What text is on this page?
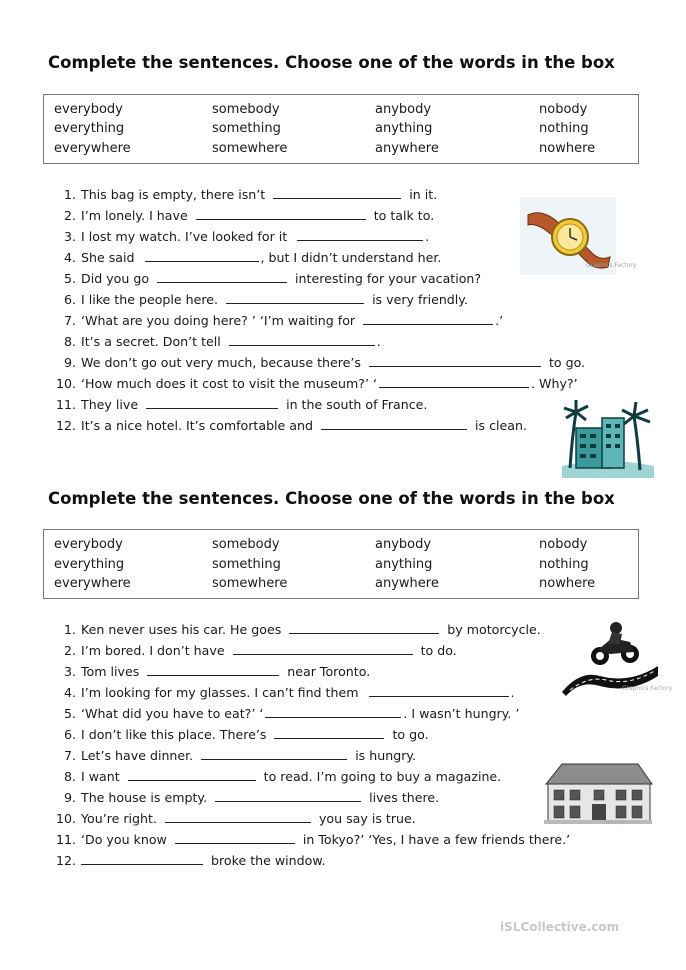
Complete the sentences. Choose one of the words in the box
everybody	somebody	anybody	nobody
everything	something	anything	nothing
everywhere	somewhere	anywhere	nowhere
1. This bag is empty, there isn’t	in it.
2. I’m lonely. I have	to talk to.
3. I lost my watch. I’ve looked for it	.
4. She said	, but I didn’t understand her.
5. Did you go	interesting for your vacation?
6. I like the people here.	is very friendly.
7. ‘What are you doing here? ’ ‘I’m waiting for	.’
8. It’s a secret. Don’t tell	.
9. We don’t go out very much, because there’s	to go.
10. ‘How much does it cost to visit the museum?’ ‘	. Why?’
11. They live	in the south of France.
12. It’s a nice hotel. It’s comfortable and	is clean.
Graphics Factory
Complete the sentences. Choose one of the words in the box
everybody	somebody	anybody	nobody
everything	something	anything	nothing
everywhere	somewhere	anywhere	nowhere
1. Ken never uses his car. He goes	by motorcycle.
2. I’m bored. I don’t have	to do.
3. Tom lives	near Toronto.
4. I’m looking for my glasses. I can’t find them	.
5. ‘What did you have to eat?’ ‘	. I wasn’t hungry. ’
6. I don’t like this place. There’s	to go.
7. Let’s have dinner.	is hungry.
8. I want	to read. I’m going to buy a magazine.
9. The house is empty.	lives there.
10. You’re right.	you say is true.
11. ‘Do you know	in Tokyo?’ ‘Yes, I have a few friends there.’
12.	broke the window.
Graphics Factory
ArtClipart.com
iSLCollective.com
